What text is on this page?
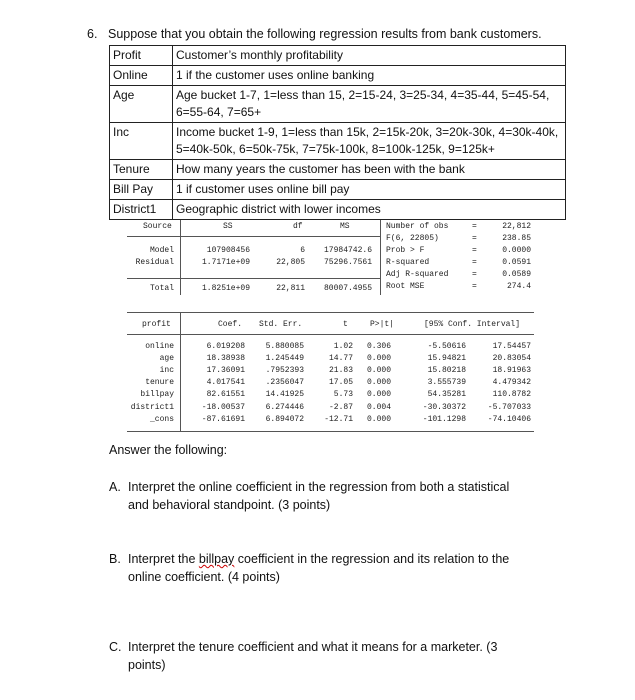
6. Suppose that you obtain the following regression results from bank customers.
Profit	Customer’s monthly profitability
Online	1 if the customer uses online banking
Age	Age bucket 1-7, 1=less than 15, 2=15-24, 3=25-34, 4=35-44, 5=45-54, 6=55-64, 7=65+
Inc	Income bucket 1-9, 1=less than 15k, 2=15k-20k, 3=20k-30k, 4=30k-40k, 5=40k-50k, 6=50k-75k, 7=75k-100k, 8=100k-125k, 9=125k+
Tenure	How many years the customer has been with the bank
Bill Pay	1 if customer uses online bill pay
District1	Geographic district with lower incomes
Source	SS	df	MS
Model	107908456	6 17984742.6
Residual	1.7171e+09	22,805 75296.7561
Total	1.8251e+09	22,811 80007.4955
Number of obs	=	22,812
F(6, 22805)	=	238.85
Prob > F	=	0.0000
R-squared	=	0.0591
Adj R-squared	=	0.0589
Root MSE	=	274.4
profit	Coef. Std. Err.	t	P>|t|	[95% Conf. Interval]
online	6.019208	5.880085	1.02 0.306	-5.50616	17.54457
age	18.38938	1.245449	14.77 0.000	15.94821	20.83054
inc	17.36091	.7952393	21.83 0.000	15.80218	18.91963
tenure	4.017541	.2356047	17.05 0.000	3.555739	4.479342
billpay	82.61551	14.41925	5.73 0.000	54.35281	110.8782
district1	-18.00537	6.274446	-2.87 0.004	-30.30372	-5.707033
_cons	-87.61691	6.894072	-12.71 0.000	-101.1298	-74.10406
Answer the following:
A. Interpret the online coefficient in the regression from both a statistical and behavioral standpoint. (3 points)
B. Interpret the billpay coefficient in the regression and its relation to the online coefficient. (4 points)
C. Interpret the tenure coefficient and what it means for a marketer. (3 points)
